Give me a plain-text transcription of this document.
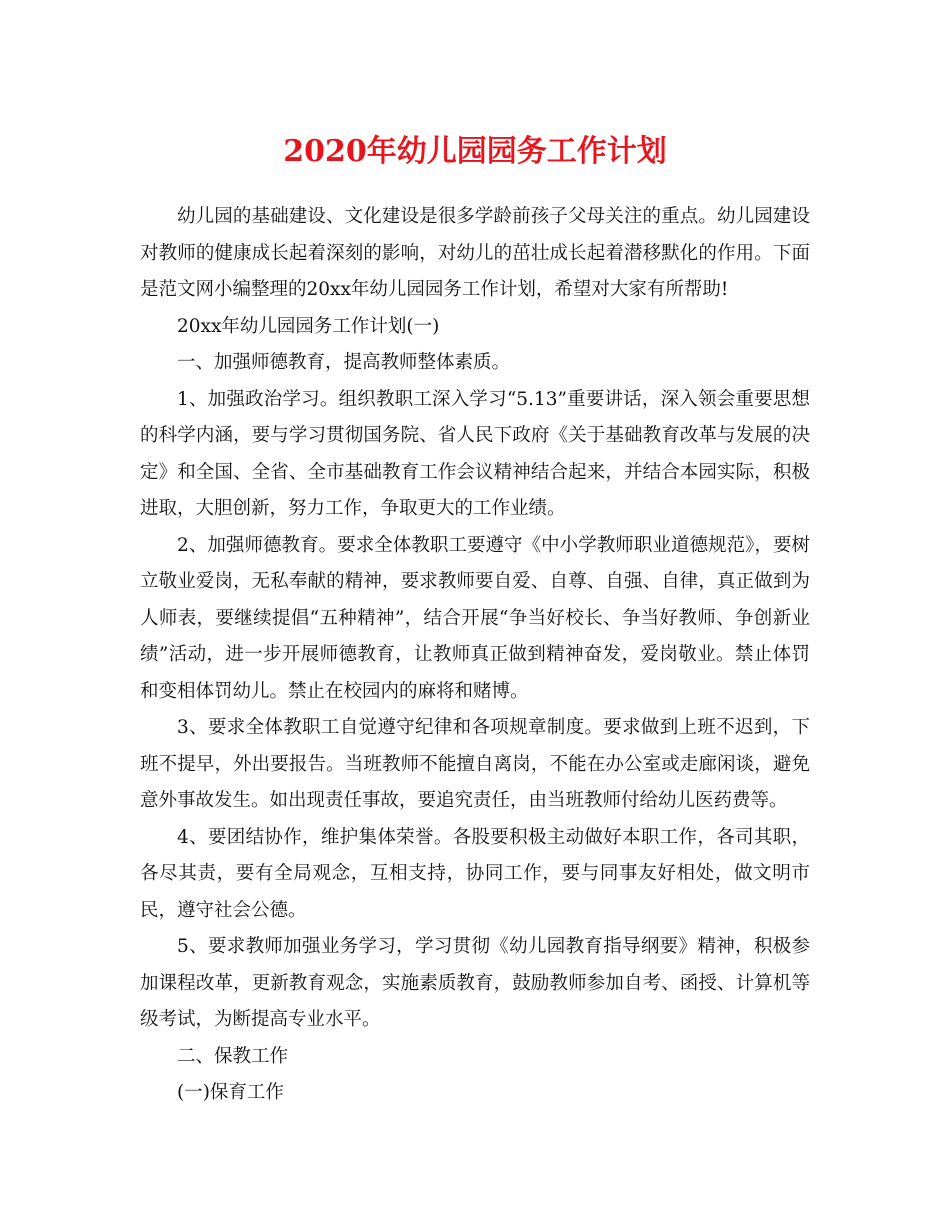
2020年幼儿园园务工作计划

幼儿园的基础建设、文化建设是很多学龄前孩子父母关注的重点。幼儿园建设对教师的健康成长起着深刻的影响，对幼儿的茁壮成长起着潜移默化的作用。下面是范文网小编整理的20xx年幼儿园园务工作计划，希望对大家有所帮助!

20xx年幼儿园园务工作计划(一)

一、加强师德教育，提高教师整体素质。

1、加强政治学习。组织教职工深入学习“5.13”重要讲话，深入领会重要思想的科学内涵，要与学习贯彻国务院、省人民下政府《关于基础教育改革与发展的决定》和全国、全省、全市基础教育工作会议精神结合起来，并结合本园实际，积极进取，大胆创新，努力工作，争取更大的工作业绩。

2、加强师德教育。要求全体教职工要遵守《中小学教师职业道德规范》，要树立敬业爱岗，无私奉献的精神，要求教师要自爱、自尊、自强、自律，真正做到为人师表，要继续提倡“五种精神”，结合开展“争当好校长、争当好教师、争创新业绩”活动，进一步开展师德教育，让教师真正做到精神奋发，爱岗敬业。禁止体罚和变相体罚幼儿。禁止在校园内的麻将和赌博。

3、要求全体教职工自觉遵守纪律和各项规章制度。要求做到上班不迟到，下班不提早，外出要报告。当班教师不能擅自离岗，不能在办公室或走廊闲谈，避免意外事故发生。如出现责任事故，要追究责任，由当班教师付给幼儿医药费等。

4、要团结协作，维护集体荣誉。各股要积极主动做好本职工作，各司其职，各尽其责，要有全局观念，互相支持，协同工作，要与同事友好相处，做文明市民，遵守社会公德。

5、要求教师加强业务学习，学习贯彻《幼儿园教育指导纲要》精神，积极参加课程改革，更新教育观念，实施素质教育，鼓励教师参加自考、函授、计算机等级考试，为断提高专业水平。

二、保教工作

(一)保育工作
